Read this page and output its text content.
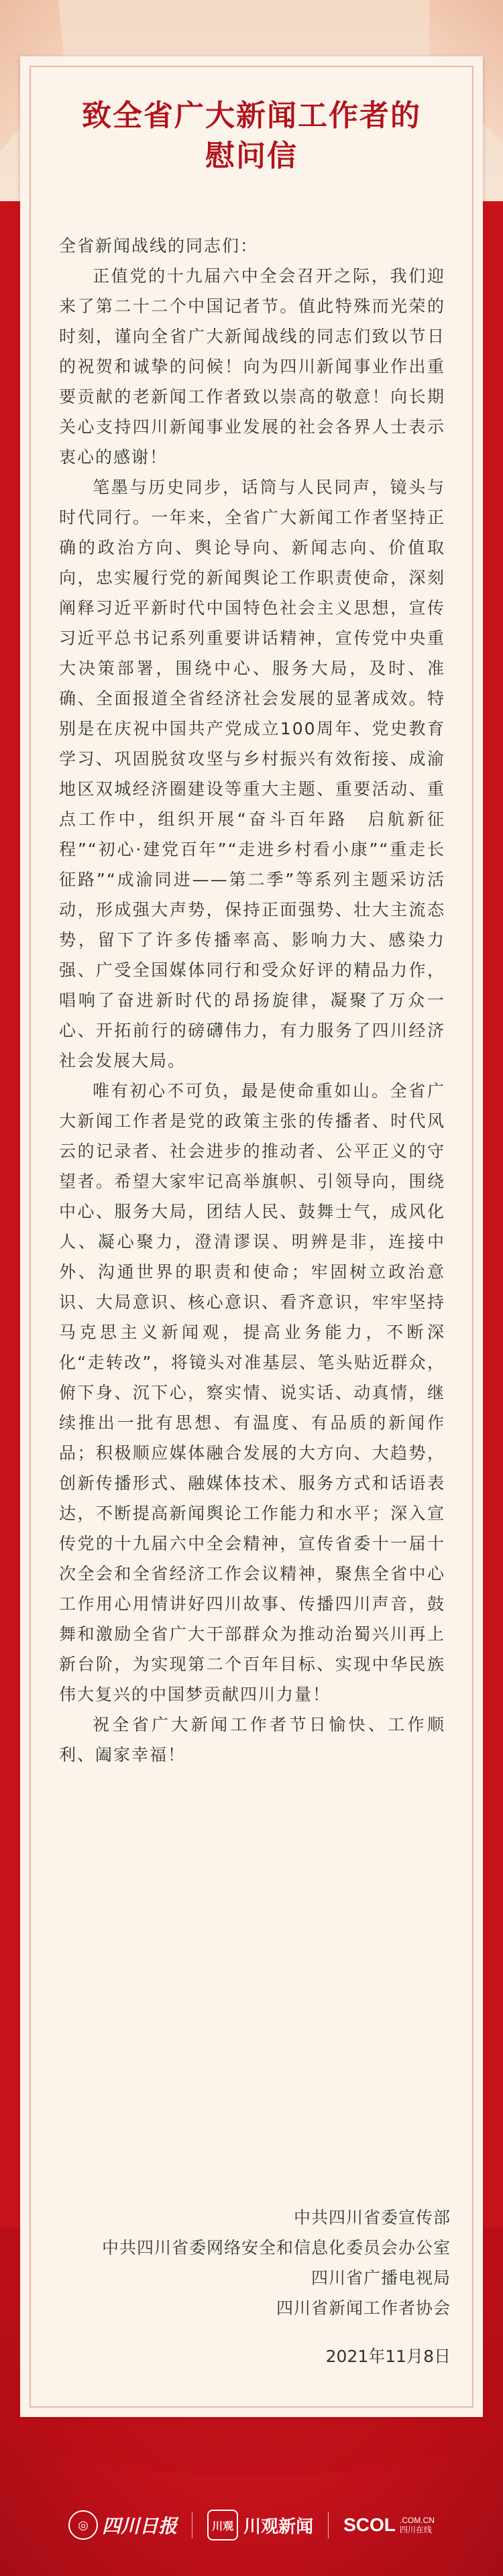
致全省广大新闻工作者的
慰问信

全省新闻战线的同志们：

正值党的十九届六中全会召开之际，我们迎来了第二十二个中国记者节。值此特殊而光荣的时刻，谨向全省广大新闻战线的同志们致以节日的祝贺和诚挚的问候！向为四川新闻事业作出重要贡献的老新闻工作者致以崇高的敬意！向长期关心支持四川新闻事业发展的社会各界人士表示衷心的感谢！

笔墨与历史同步，话筒与人民同声，镜头与时代同行。一年来，全省广大新闻工作者坚持正确的政治方向、舆论导向、新闻志向、价值取向，忠实履行党的新闻舆论工作职责使命，深刻阐释习近平新时代中国特色社会主义思想，宣传习近平总书记系列重要讲话精神，宣传党中央重大决策部署，围绕中心、服务大局，及时、准确、全面报道全省经济社会发展的显著成效。特别是在庆祝中国共产党成立100周年、党史教育学习、巩固脱贫攻坚与乡村振兴有效衔接、成渝地区双城经济圈建设等重大主题、重要活动、重点工作中，组织开展“奋斗百年路　启航新征程”“初心·建党百年”“走进乡村看小康”“重走长征路”“成渝同进——第二季”等系列主题采访活动，形成强大声势，保持正面强势、壮大主流态势，留下了许多传播率高、影响力大、感染力强、广受全国媒体同行和受众好评的精品力作，唱响了奋进新时代的昂扬旋律，凝聚了万众一心、开拓前行的磅礴伟力，有力服务了四川经济社会发展大局。

唯有初心不可负，最是使命重如山。全省广大新闻工作者是党的政策主张的传播者、时代风云的记录者、社会进步的推动者、公平正义的守望者。希望大家牢记高举旗帜、引领导向，围绕中心、服务大局，团结人民、鼓舞士气，成风化人、凝心聚力，澄清谬误、明辨是非，连接中外、沟通世界的职责和使命；牢固树立政治意识、大局意识、核心意识、看齐意识，牢牢坚持马克思主义新闻观，提高业务能力，不断深化“走转改”，将镜头对准基层、笔头贴近群众，俯下身、沉下心，察实情、说实话、动真情，继续推出一批有思想、有温度、有品质的新闻作品；积极顺应媒体融合发展的大方向、大趋势，创新传播形式、融媒体技术、服务方式和话语表达，不断提高新闻舆论工作能力和水平；深入宣传党的十九届六中全会精神，宣传省委十一届十次全会和全省经济工作会议精神，聚焦全省中心工作用心用情讲好四川故事、传播四川声音，鼓舞和激励全省广大干部群众为推动治蜀兴川再上新台阶，为实现第二个百年目标、实现中华民族伟大复兴的中国梦贡献四川力量！

祝全省广大新闻工作者节日愉快、工作顺利、阖家幸福！

中共四川省委宣传部
中共四川省委网络安全和信息化委员会办公室
四川省广播电视局
四川省新闻工作者协会
2021年11月8日
◎ 四川日报	川观 川观新闻 SCOL .COM.CN
四川在线
